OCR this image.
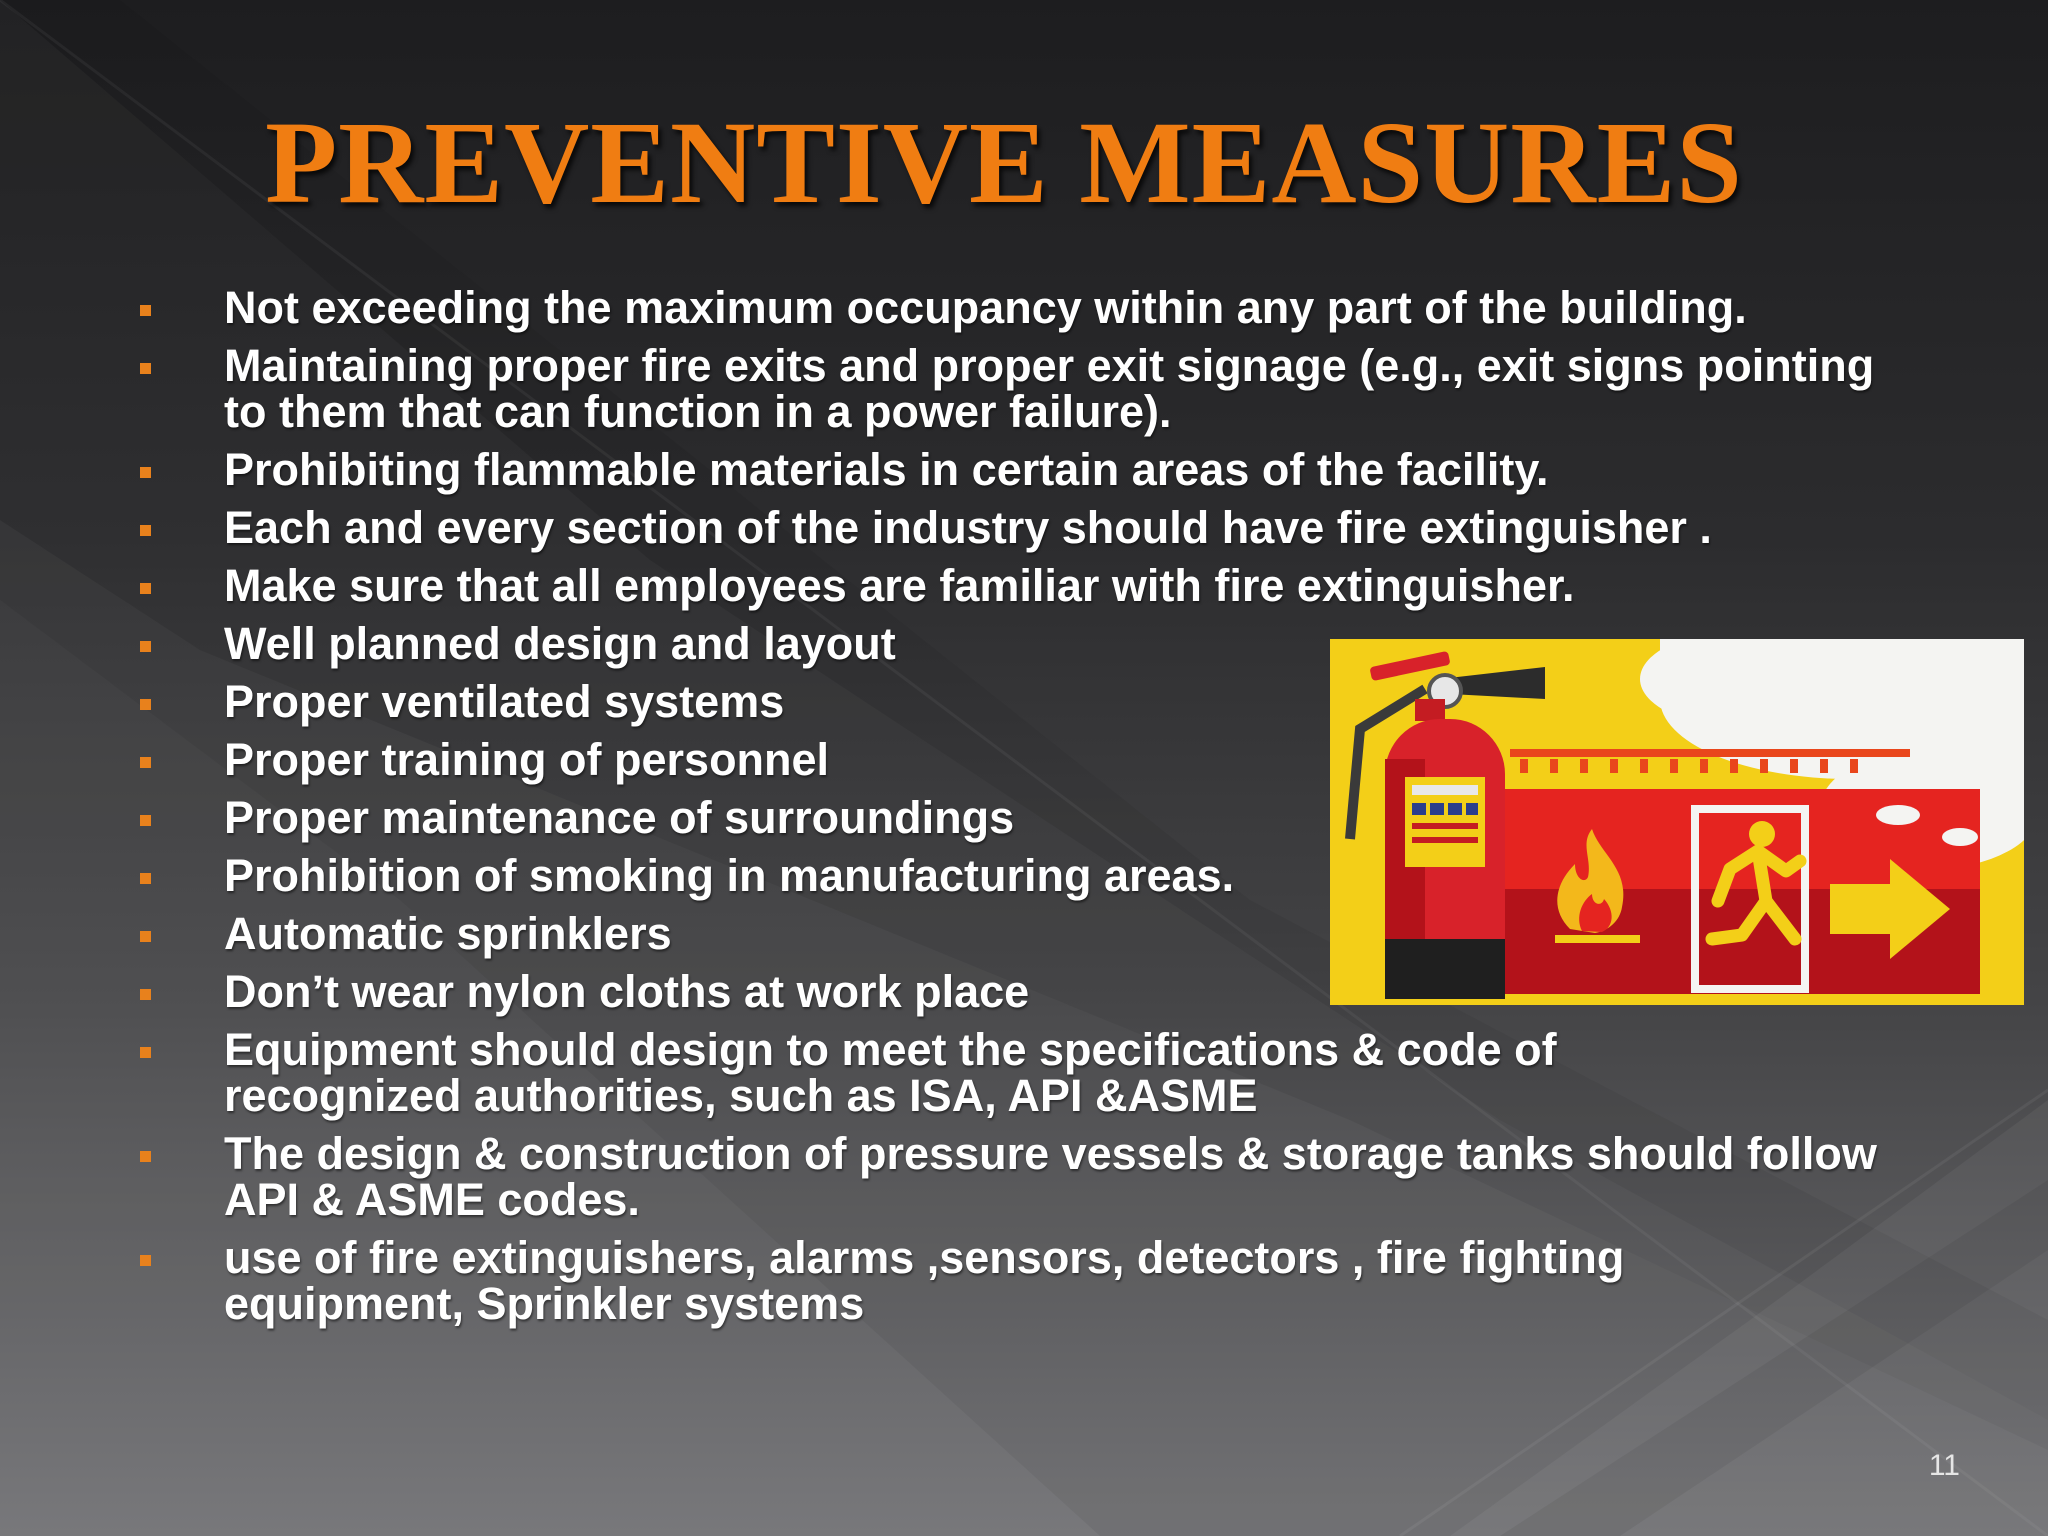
PREVENTIVE MEASURES
Not exceeding the maximum occupancy within any part of the building.
Maintaining proper fire exits and proper exit signage (e.g., exit signs pointing to them that can function in a power failure).
Prohibiting flammable materials in certain areas of the facility.
Each and every section of the industry should have fire extinguisher .
Make sure that all employees are familiar with fire extinguisher.
Well planned design and layout
Proper ventilated systems
Proper training of personnel
Proper maintenance of surroundings
Prohibition of smoking in manufacturing areas.
Automatic sprinklers
Don’t wear nylon cloths at work place
Equipment should design to meet the specifications & code of recognized authorities, such as ISA, API &ASME
The design & construction of pressure vessels & storage tanks should follow API & ASME codes.
use of fire extinguishers, alarms ,sensors, detectors , fire fighting equipment, Sprinkler systems
11
